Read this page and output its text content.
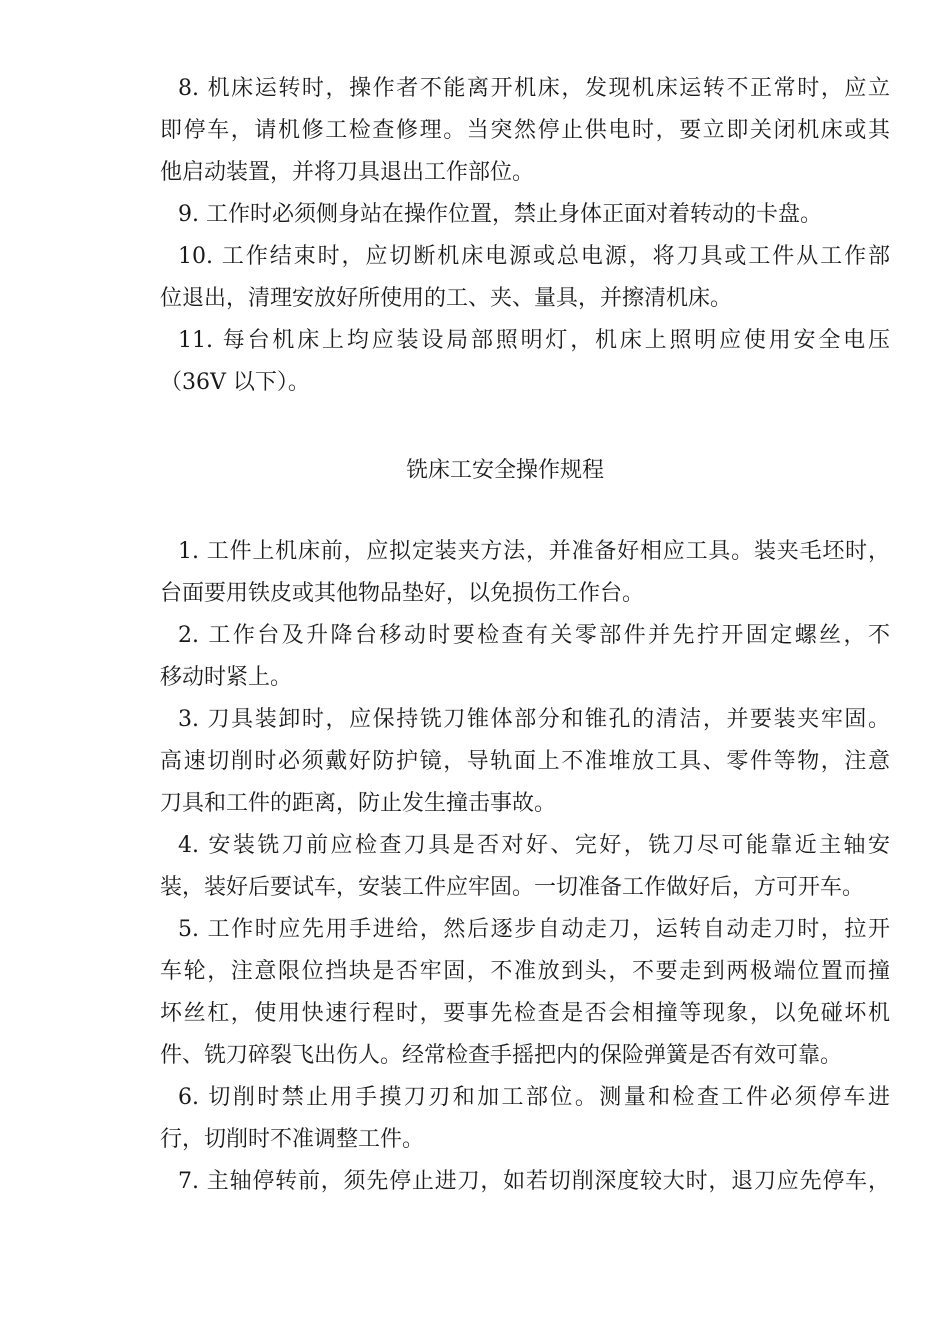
8. 机床运转时，操作者不能离开机床，发现机床运转不正常时，应立
即停车，请机修工检查修理。当突然停止供电时，要立即关闭机床或其
他启动装置，并将刀具退出工作部位。
9. 工作时必须侧身站在操作位置，禁止身体正面对着转动的卡盘。
10. 工作结束时，应切断机床电源或总电源，将刀具或工件从工作部
位退出，清理安放好所使用的工、夹、量具，并擦清机床。
11. 每台机床上均应装设局部照明灯，机床上照明应使用安全电压
（36V 以下）。
铣床工安全操作规程
1. 工件上机床前，应拟定装夹方法，并准备好相应工具。装夹毛坯时，
台面要用铁皮或其他物品垫好，以免损伤工作台。
2. 工作台及升降台移动时要检查有关零部件并先拧开固定螺丝，不
移动时紧上。
3. 刀具装卸时，应保持铣刀锥体部分和锥孔的清洁，并要装夹牢固。
高速切削时必须戴好防护镜，导轨面上不准堆放工具、零件等物，注意
刀具和工件的距离，防止发生撞击事故。
4. 安装铣刀前应检查刀具是否对好、完好，铣刀尽可能靠近主轴安
装，装好后要试车，安装工件应牢固。一切准备工作做好后，方可开车。
5. 工作时应先用手进给，然后逐步自动走刀，运转自动走刀时，拉开
车轮，注意限位挡块是否牢固，不准放到头，不要走到两极端位置而撞
坏丝杠，使用快速行程时，要事先检查是否会相撞等现象，以免碰坏机
件、铣刀碎裂飞出伤人。经常检查手摇把内的保险弹簧是否有效可靠。
6. 切削时禁止用手摸刀刃和加工部位。测量和检查工件必须停车进
行，切削时不准调整工件。
7. 主轴停转前，须先停止进刀，如若切削深度较大时，退刀应先停车，
